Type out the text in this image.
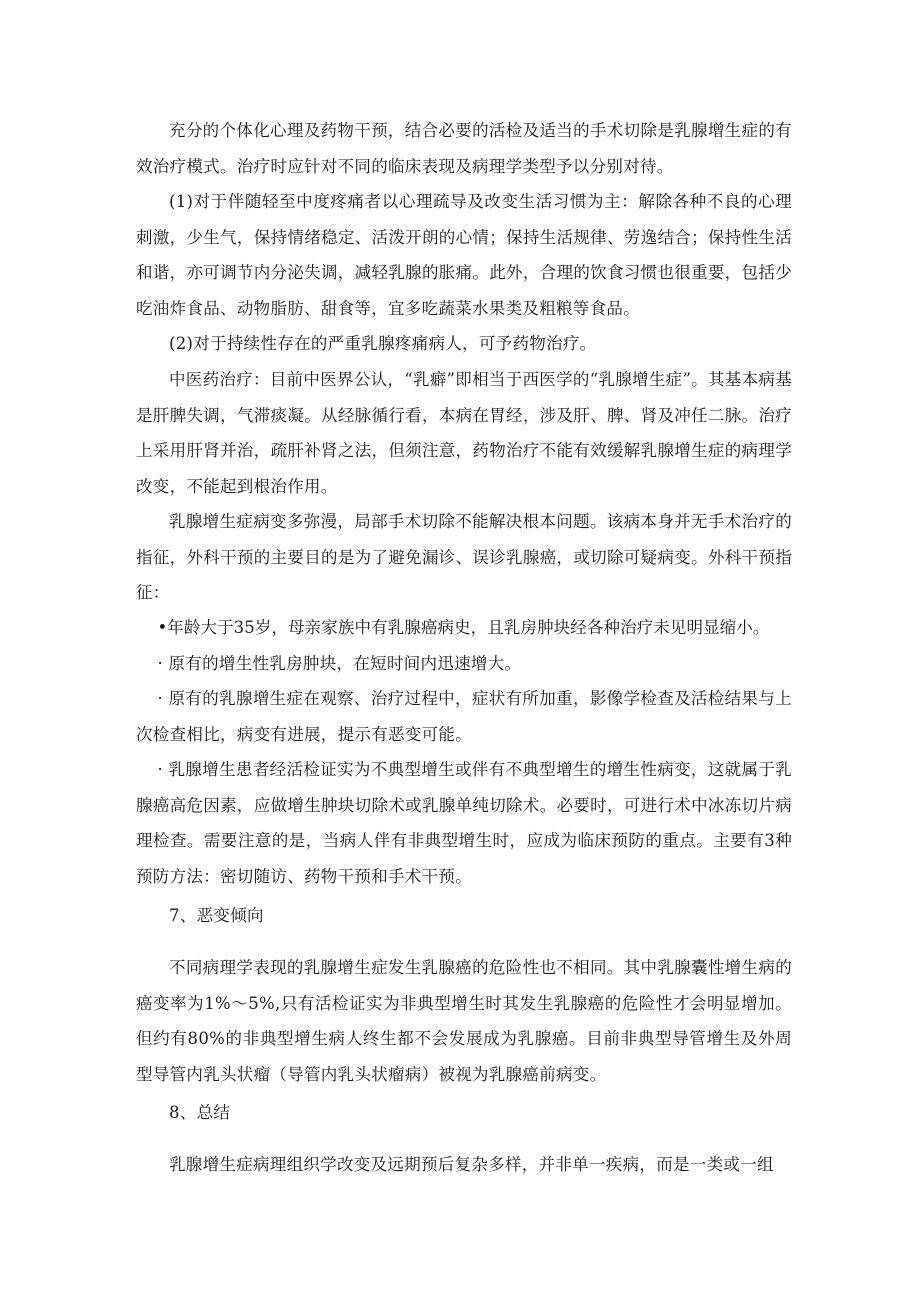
充分的个体化心理及药物干预，结合必要的活检及适当的手术切除是乳腺增生症的有效治疗模式。治疗时应针对不同的临床表现及病理学类型予以分别对待。

(1)对于伴随轻至中度疼痛者以心理疏导及改变生活习惯为主：解除各种不良的心理刺激，少生气，保持情绪稳定、活泼开朗的心情；保持生活规律、劳逸结合；保持性生活和谐，亦可调节内分泌失调，减轻乳腺的胀痛。此外，合理的饮食习惯也很重要，包括少吃油炸食品、动物脂肪、甜食等，宜多吃蔬菜水果类及粗粮等食品。

(2)对于持续性存在的严重乳腺疼痛病人，可予药物治疗。

中医药治疗：目前中医界公认，“乳癖”即相当于西医学的“乳腺增生症”。其基本病基是肝脾失调，气滞痰凝。从经脉循行看，本病在胃经，涉及肝、脾、肾及冲任二脉。治疗上采用肝肾并治，疏肝补肾之法，但须注意，药物治疗不能有效缓解乳腺增生症的病理学改变，不能起到根治作用。

乳腺增生症病变多弥漫，局部手术切除不能解决根本问题。该病本身并无手术治疗的指征，外科干预的主要目的是为了避免漏诊、误诊乳腺癌，或切除可疑病变。外科干预指征：

•年龄大于35岁，母亲家族中有乳腺癌病史，且乳房肿块经各种治疗未见明显缩小。

· 原有的增生性乳房肿块，在短时间内迅速增大。

· 原有的乳腺增生症在观察、治疗过程中，症状有所加重，影像学检查及活检结果与上次检查相比，病变有进展，提示有恶变可能。

· 乳腺增生患者经活检证实为不典型增生或伴有不典型增生的增生性病变，这就属于乳腺癌高危因素，应做增生肿块切除术或乳腺单纯切除术。必要时，可进行术中冰冻切片病理检查。需要注意的是，当病人伴有非典型增生时，应成为临床预防的重点。主要有3种预防方法：密切随访、药物干预和手术干预。

7、恶变倾向

不同病理学表现的乳腺增生症发生乳腺癌的危险性也不相同。其中乳腺囊性增生病的癌变率为1%～5%,只有活检证实为非典型增生时其发生乳腺癌的危险性才会明显增加。但约有80%的非典型增生病人终生都不会发展成为乳腺癌。目前非典型导管增生及外周型导管内乳头状瘤（导管内乳头状瘤病）被视为乳腺癌前病变。

8、总结

乳腺增生症病理组织学改变及远期预后复杂多样，并非单一疾病，而是一类或一组
